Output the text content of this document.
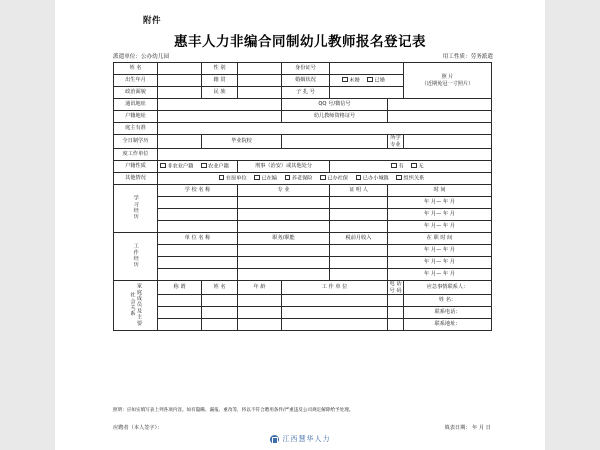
附件
惠丰人力非编合同制幼儿教师报名登记表
派遣单位：公办幼儿园	用工性质：劳务派遣
姓 名		性 别		身份证号			照 片
（近期免冠一寸照片）

出生年月		籍 贯		婚姻状况	未婚 已婚		
政治面貌		民 族		子 扎 号			
通讯地址				QQ 号/微信号			
户籍地址				幼儿教师资格证号			
庭主有准							
全日制学历		毕业院校				所学专业	
度工作单位							
户籍性质	非农业户籍 农业户籍		刑事（治安）或其他处分		有 无		
其他情况	在原单位 已在编 养老保险 已办社保 已办小城镇 组织关系						
学习经历	学 校 名 称		专 业		证 明 人	时 间	
						年 月— 年 月	
						年 月— 年 月	
						年 月— 年 月	
工作经历	单 位 名 称		职务/职能		税前月收入	在 职 时 间	
						年 月— 年 月	
						年 月— 年 月	
						年 月— 年 月	
家庭成员及主要社会关系	称 谓	姓 名	年 龄	工 作 单 位		电 话 号 码	应急事情联系人：
							姓 名：
							联系电话：
							联系地址：
照明：应如实填写表上列各项内容。如有隐瞒、漏报、重改等，将以不符合聘用条件/严重违反公司规定解除给予处理。
应聘者（本人签字）：	填表日期： 年 月 日
江西慧华人力
